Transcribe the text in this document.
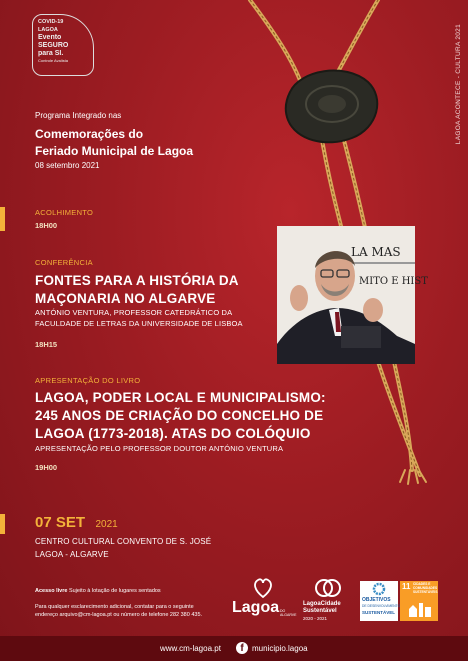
COVID-19
LAGOA
Evento
SEGURO
para SI.
Controle Avalista	LAGOA ACONTECE - CULTURA 2021
Programa Integrado nas
Comemorações do
Feriado Municipal de Lagoa
08 setembro 2021
ACOLHIMENTO
18H00
CONFERÊNCIA
FONTES PARA A HISTÓRIA DA
MAÇONARIA NO ALGARVE
ANTÓNIO VENTURA, PROFESSOR CATEDRÁTICO DA
FACULDADE DE LETRAS DA UNIVERSIDADE DE LISBOA
18H15
LA MAS
MITO E HIST
APRESENTAÇÃO DO LIVRO
LAGOA, PODER LOCAL E MUNICIPALISMO:
245 ANOS DE CRIAÇÃO DO CONCELHO DE
LAGOA (1773-2018). ATAS DO COLÓQUIO
APRESENTAÇÃO PELO PROFESSOR DOUTOR ANTÓNIO VENTURA
19H00
07 SET 2021
CENTRO CULTURAL CONVENTO DE S. JOSÉ
LAGOA - ALGARVE
Acesso livre Sujeito à lotação de lugares sentados
Para qualquer esclarecimento adicional, contatar para o seguinte
endereço arquivo@cm-lagoa.pt ou número de telefone 282 380 435. Lagoa DO ALGARVE
LagoaCidade
Sustentável
2020 - 2021
OBJETIVOS
DE DESENVOLVIMENTO
SUSTENTÁVEL
11 CIDADES E COMUNIDADES SUSTENTÁVEIS
www.cm-lagoa.pt	f	municipio.lagoa
